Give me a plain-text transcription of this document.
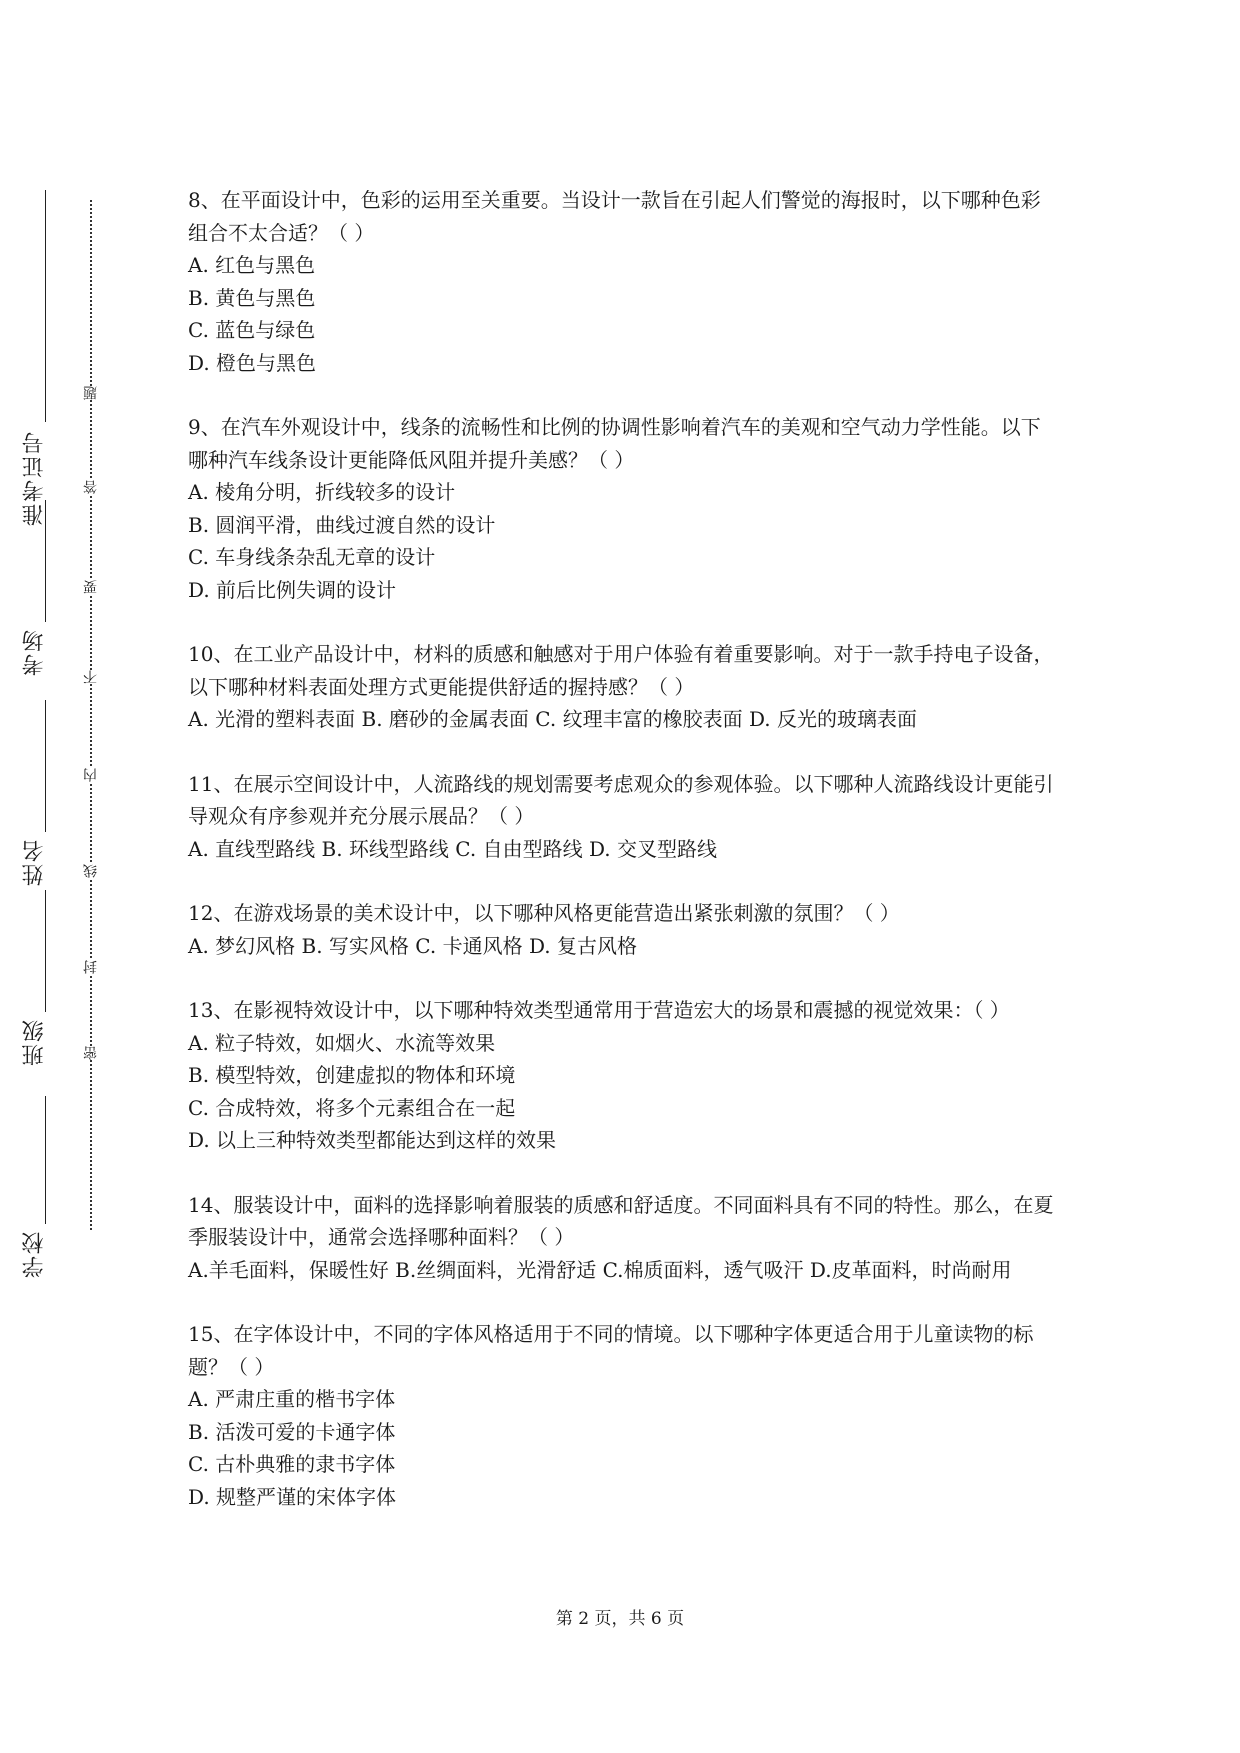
准考证号
考场
姓名
班级
学校
题
答
要
不
内
线
封
密

8、在平面设计中，色彩的运用至关重要。当设计一款旨在引起人们警觉的海报时，以下哪种色彩组合不太合适？（ ）

A. 红色与黑色

B. 黄色与黑色

C. 蓝色与绿色

D. 橙色与黑色

9、在汽车外观设计中，线条的流畅性和比例的协调性影响着汽车的美观和空气动力学性能。以下哪种汽车线条设计更能降低风阻并提升美感？（ ）

A. 棱角分明，折线较多的设计

B. 圆润平滑，曲线过渡自然的设计

C. 车身线条杂乱无章的设计

D. 前后比例失调的设计

10、在工业产品设计中，材料的质感和触感对于用户体验有着重要影响。对于一款手持电子设备，以下哪种材料表面处理方式更能提供舒适的握持感？（ ）

A. 光滑的塑料表面 B. 磨砂的金属表面 C. 纹理丰富的橡胶表面 D. 反光的玻璃表面

11、在展示空间设计中，人流路线的规划需要考虑观众的参观体验。以下哪种人流路线设计更能引导观众有序参观并充分展示展品？（ ）

A. 直线型路线 B. 环线型路线 C. 自由型路线 D. 交叉型路线

12、在游戏场景的美术设计中，以下哪种风格更能营造出紧张刺激的氛围？（ ）

A. 梦幻风格 B. 写实风格 C. 卡通风格 D. 复古风格

13、在影视特效设计中，以下哪种特效类型通常用于营造宏大的场景和震撼的视觉效果：（ ）

A. 粒子特效，如烟火、水流等效果

B. 模型特效，创建虚拟的物体和环境

C. 合成特效，将多个元素组合在一起

D. 以上三种特效类型都能达到这样的效果

14、服装设计中，面料的选择影响着服装的质感和舒适度。不同面料具有不同的特性。那么，在夏季服装设计中，通常会选择哪种面料？（ ）

A.羊毛面料，保暖性好 B.丝绸面料，光滑舒适 C.棉质面料，透气吸汗 D.皮革面料，时尚耐用

15、在字体设计中，不同的字体风格适用于不同的情境。以下哪种字体更适合用于儿童读物的标题？（ ）

A. 严肃庄重的楷书字体

B. 活泼可爱的卡通字体

C. 古朴典雅的隶书字体

D. 规整严谨的宋体字体

第 2 页，共 6 页
